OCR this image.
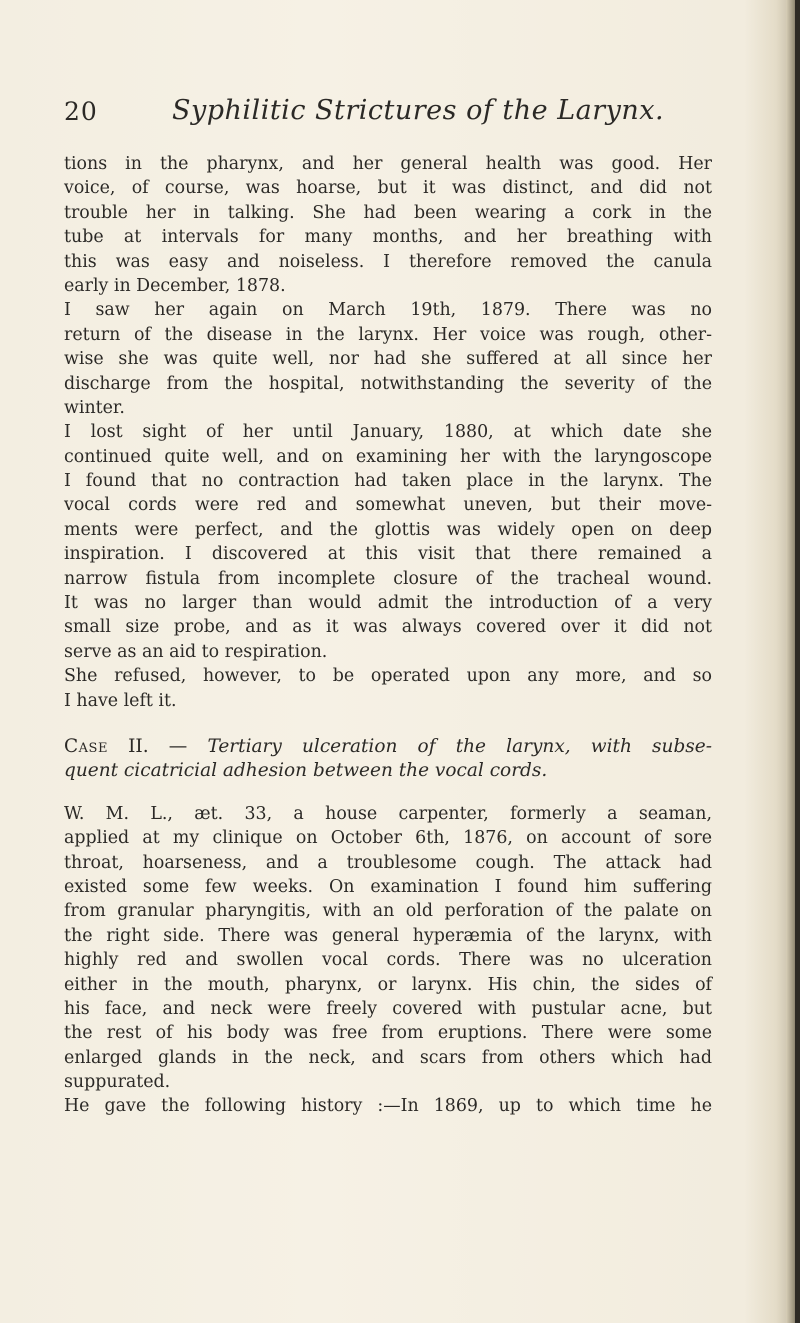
20	Syphilitic Strictures of the Larynx.
tions in the pharynx, and her general health was good. Her
voice, of course, was hoarse, but it was distinct, and did not
trouble her in talking. She had been wearing a cork in the
tube at intervals for many months, and her breathing with
this was easy and noiseless. I therefore removed the canula
early in December, 1878.
I saw her again on March 19th, 1879. There was no
return of the disease in the larynx. Her voice was rough, other-
wise she was quite well, nor had she suffered at all since her
discharge from the hospital, notwithstanding the severity of the
winter.
I lost sight of her until January, 1880, at which date she
continued quite well, and on examining her with the laryngoscope
I found that no contraction had taken place in the larynx. The
vocal cords were red and somewhat uneven, but their move-
ments were perfect, and the glottis was widely open on deep
inspiration. I discovered at this visit that there remained a
narrow fistula from incomplete closure of the tracheal wound.
It was no larger than would admit the introduction of a very
small size probe, and as it was always covered over it did not
serve as an aid to respiration.
She refused, however, to be operated upon any more, and so
I have left it.
Case II. — Tertiary ulceration of the larynx, with subse-
quent cicatricial adhesion between the vocal cords.
W. M. L., æt. 33, a house carpenter, formerly a seaman,
applied at my clinique on October 6th, 1876, on account of sore
throat, hoarseness, and a troublesome cough. The attack had
existed some few weeks. On examination I found him suffering
from granular pharyngitis, with an old perforation of the palate on
the right side. There was general hyperæmia of the larynx, with
highly red and swollen vocal cords. There was no ulceration
either in the mouth, pharynx, or larynx. His chin, the sides of
his face, and neck were freely covered with pustular acne, but
the rest of his body was free from eruptions. There were some
enlarged glands in the neck, and scars from others which had
suppurated.
He gave the following history :—In 1869, up to which time he
